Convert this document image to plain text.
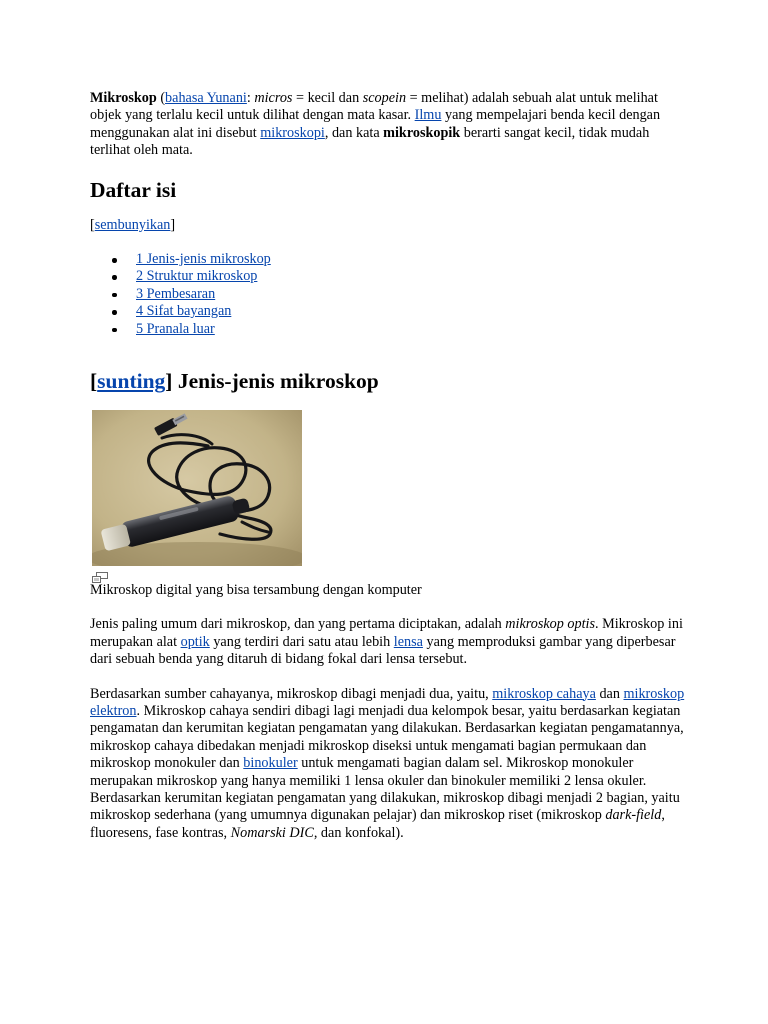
Mikroskop (bahasa Yunani: micros = kecil dan scopein = melihat) adalah sebuah alat untuk melihat objek yang terlalu kecil untuk dilihat dengan mata kasar. Ilmu yang mempelajari benda kecil dengan menggunakan alat ini disebut mikroskopi, dan kata mikroskopik berarti sangat kecil, tidak mudah terlihat oleh mata.

Daftar isi

[sembunyikan]

1 Jenis-jenis mikroskop
2 Struktur mikroskop
3 Pembesaran
4 Sifat bayangan
5 Pranala luar
[sunting] Jenis-jenis mikroskop

Mikroskop digital yang bisa tersambung dengan komputer

Jenis paling umum dari mikroskop, dan yang pertama diciptakan, adalah mikroskop optis. Mikroskop ini merupakan alat optik yang terdiri dari satu atau lebih lensa yang memproduksi gambar yang diperbesar dari sebuah benda yang ditaruh di bidang fokal dari lensa tersebut.

Berdasarkan sumber cahayanya, mikroskop dibagi menjadi dua, yaitu, mikroskop cahaya dan mikroskop elektron. Mikroskop cahaya sendiri dibagi lagi menjadi dua kelompok besar, yaitu berdasarkan kegiatan pengamatan dan kerumitan kegiatan pengamatan yang dilakukan. Berdasarkan kegiatan pengamatannya, mikroskop cahaya dibedakan menjadi mikroskop diseksi untuk mengamati bagian permukaan dan mikroskop monokuler dan binokuler untuk mengamati bagian dalam sel. Mikroskop monokuler merupakan mikroskop yang hanya memiliki 1 lensa okuler dan binokuler memiliki 2 lensa okuler. Berdasarkan kerumitan kegiatan pengamatan yang dilakukan, mikroskop dibagi menjadi 2 bagian, yaitu mikroskop sederhana (yang umumnya digunakan pelajar) dan mikroskop riset (mikroskop dark-field, fluoresens, fase kontras, Nomarski DIC, dan konfokal).
